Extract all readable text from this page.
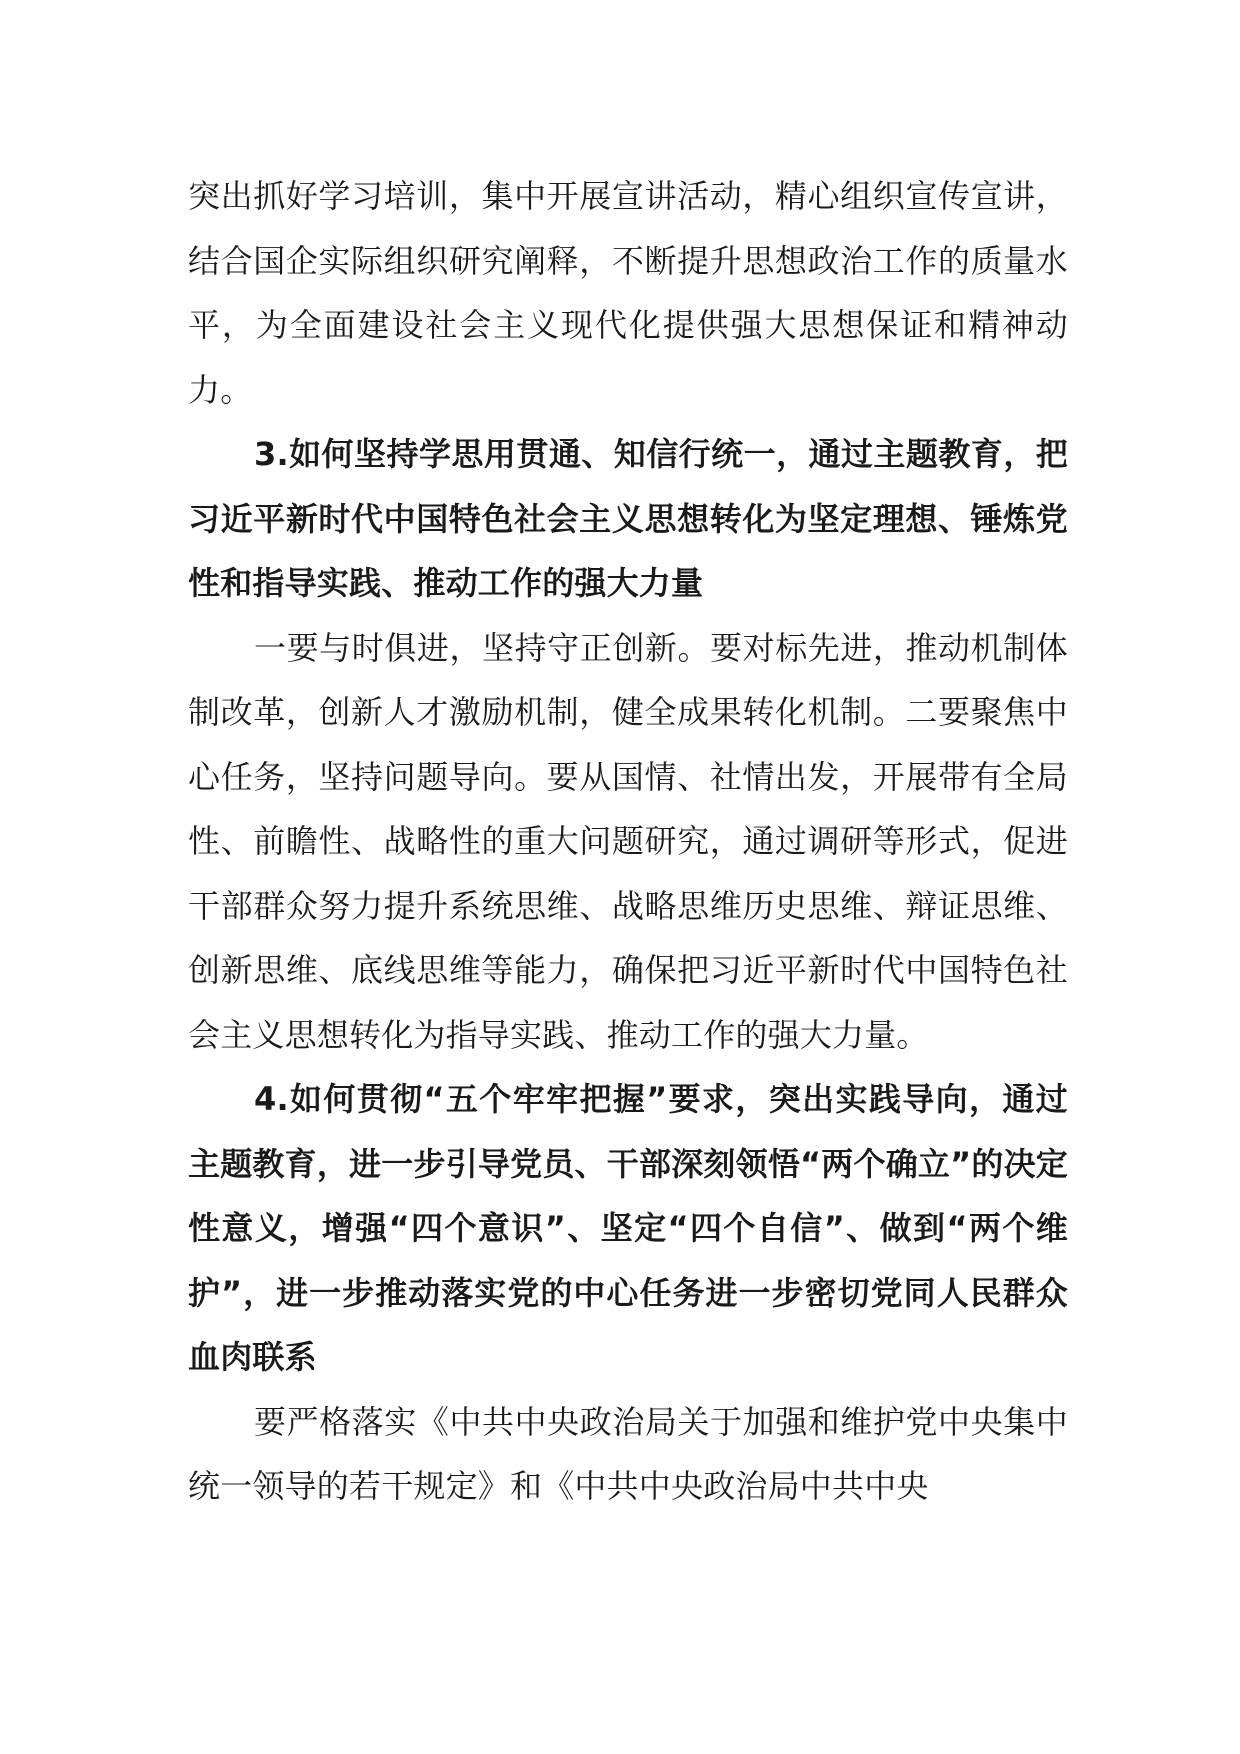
突出抓好学习培训，集中开展宣讲活动，精心组织宣传宣讲，结合国企实际组织研究阐释，不断提升思想政治工作的质量水平，为全面建设社会主义现代化提供强大思想保证和精神动力。

3.如何坚持学思用贯通、知信行统一，通过主题教育，把习近平新时代中国特色社会主义思想转化为坚定理想、锤炼党性和指导实践、推动工作的强大力量

一要与时俱进，坚持守正创新。要对标先进，推动机制体制改革，创新人才激励机制，健全成果转化机制。二要聚焦中心任务，坚持问题导向。要从国情、社情出发，开展带有全局性、前瞻性、战略性的重大问题研究，通过调研等形式，促进干部群众努力提升系统思维、战略思维历史思维、辩证思维、创新思维、底线思维等能力，确保把习近平新时代中国特色社会主义思想转化为指导实践、推动工作的强大力量。

4.如何贯彻“五个牢牢把握”要求，突出实践导向，通过主题教育，进一步引导党员、干部深刻领悟“两个确立”的决定性意义，增强“四个意识”、坚定“四个自信”、做到“两个维护”，进一步推动落实党的中心任务进一步密切党同人民群众血肉联系

要严格落实《中共中央政治局关于加强和维护党中央集中统一领导的若干规定》和《中共中央政治局中共中央
